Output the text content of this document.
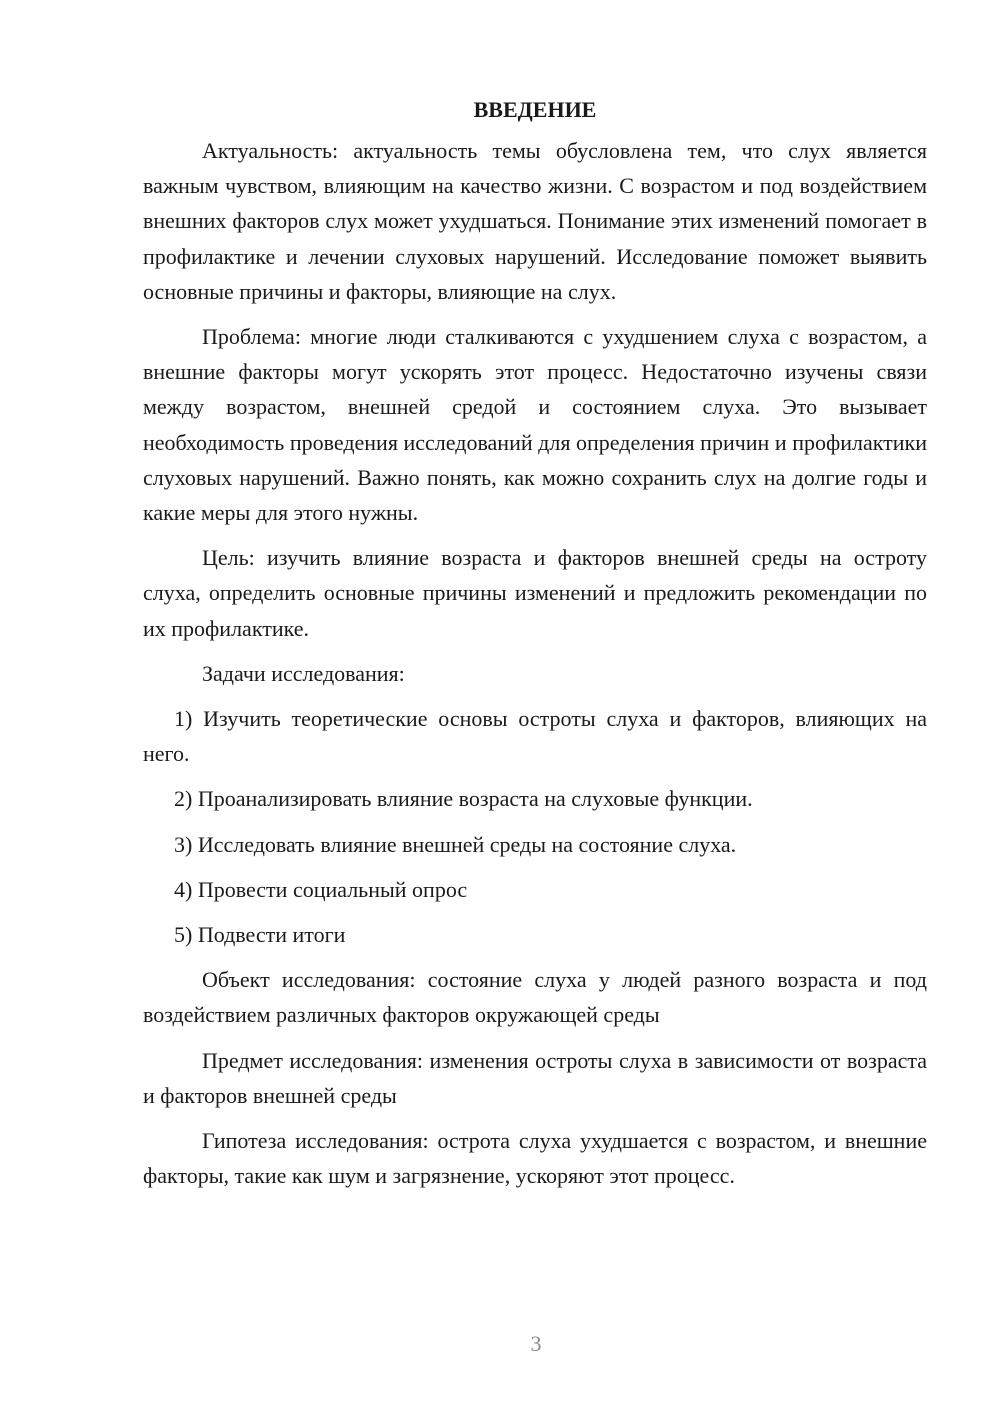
ВВЕДЕНИЕ

Актуальность: актуальность темы обусловлена тем, что слух является важным чувством, влияющим на качество жизни. С возрастом и под воздействием внешних факторов слух может ухудшаться. Понимание этих изменений помогает в профилактике и лечении слуховых нарушений. Исследование поможет выявить основные причины и факторы, влияющие на слух.

Проблема: многие люди сталкиваются с ухудшением слуха с возрастом, а внешние факторы могут ускорять этот процесс. Недостаточно изучены связи между возрастом, внешней средой и состоянием слуха. Это вызывает необходимость проведения исследований для определения причин и профилактики слуховых нарушений. Важно понять, как можно сохранить слух на долгие годы и какие меры для этого нужны.

Цель: изучить влияние возраста и факторов внешней среды на остроту слуха, определить основные причины изменений и предложить рекомендации по их профилактике.

Задачи исследования:

1) Изучить теоретические основы остроты слуха и факторов, влияющих на него.

2) Проанализировать влияние возраста на слуховые функции.

3) Исследовать влияние внешней среды на состояние слуха.

4) Провести социальный опрос

5) Подвести итоги

Объект исследования: состояние слуха у людей разного возраста и под воздействием различных факторов окружающей среды

Предмет исследования: изменения остроты слуха в зависимости от возраста и факторов внешней среды

Гипотеза исследования: острота слуха ухудшается с возрастом, и внешние факторы, такие как шум и загрязнение, ускоряют этот процесс.

3
